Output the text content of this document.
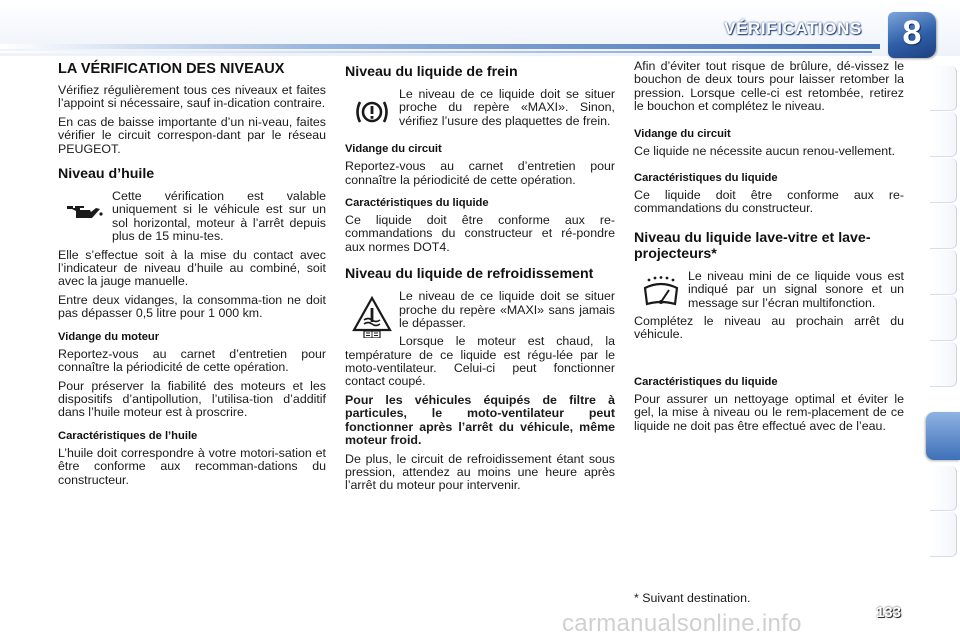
VÉRIFICATIONS	8
LA VÉRIFICATION DES NIVEAUX

Vérifiez régulièrement tous ces niveaux et faites l’appoint si nécessaire, sauf in-dication contraire.

En cas de baisse importante d’un ni-veau, faites vérifier le circuit correspon-dant par le réseau PEUGEOT.

Niveau d’huile

Cette vérification est valable uniquement si le véhicule est sur un sol horizontal, moteur à l’arrêt depuis plus de 15 minu-tes.

Elle s’effectue soit à la mise du contact avec l’indicateur de niveau d’huile au combiné, soit avec la jauge manuelle.

Entre deux vidanges, la consomma-tion ne doit pas dépasser 0,5 litre pour 1 000 km.

Vidange du moteur

Reportez-vous au carnet d’entretien pour connaître la périodicité de cette opération.

Pour préserver la fiabilité des moteurs et les dispositifs d’antipollution, l’utilisa-tion d’additif dans l’huile moteur est à proscrire.

Caractéristiques de l’huile

L’huile doit correspondre à votre motori-sation et être conforme aux recomman-dations du constructeur.

Niveau du liquide de frein

Le niveau de ce liquide doit se situer proche du repère «MAXI». Sinon, vérifiez l’usure des plaquettes de frein.

Vidange du circuit

Reportez-vous au carnet d’entretien pour connaître la périodicité de cette opération.

Caractéristiques du liquide

Ce liquide doit être conforme aux re-commandations du constructeur et ré-pondre aux normes DOT4.

Niveau du liquide de refroidissement

Le niveau de ce liquide doit se situer proche du repère «MAXI» sans jamais le dépasser.

Lorsque le moteur est chaud, la température de ce liquide est régu-lée par le moto-ventilateur. Celui-ci peut fonctionner contact coupé.

Pour les véhicules équipés de filtre à particules, le moto-ventilateur peut fonctionner après l’arrêt du véhicule, même moteur froid.

De plus, le circuit de refroidissement étant sous pression, attendez au moins une heure après l’arrêt du moteur pour intervenir.

Afin d’éviter tout risque de brûlure, dé-vissez le bouchon de deux tours pour laisser retomber la pression. Lorsque celle-ci est retombée, retirez le bouchon et complétez le niveau.

Vidange du circuit

Ce liquide ne nécessite aucun renou-vellement.

Caractéristiques du liquide

Ce liquide doit être conforme aux re-commandations du constructeur.

Niveau du liquide lave-vitre et lave-projecteurs*

Le niveau mini de ce liquide vous est indiqué par un signal sonore et un message sur l’écran multifonction.

Complétez le niveau au prochain arrêt du véhicule.

Caractéristiques du liquide

Pour assurer un nettoyage optimal et éviter le gel, la mise à niveau ou le rem-placement de ce liquide ne doit pas être effectué avec de l’eau.

* Suivant destination.
carmanualsonline.info	133
